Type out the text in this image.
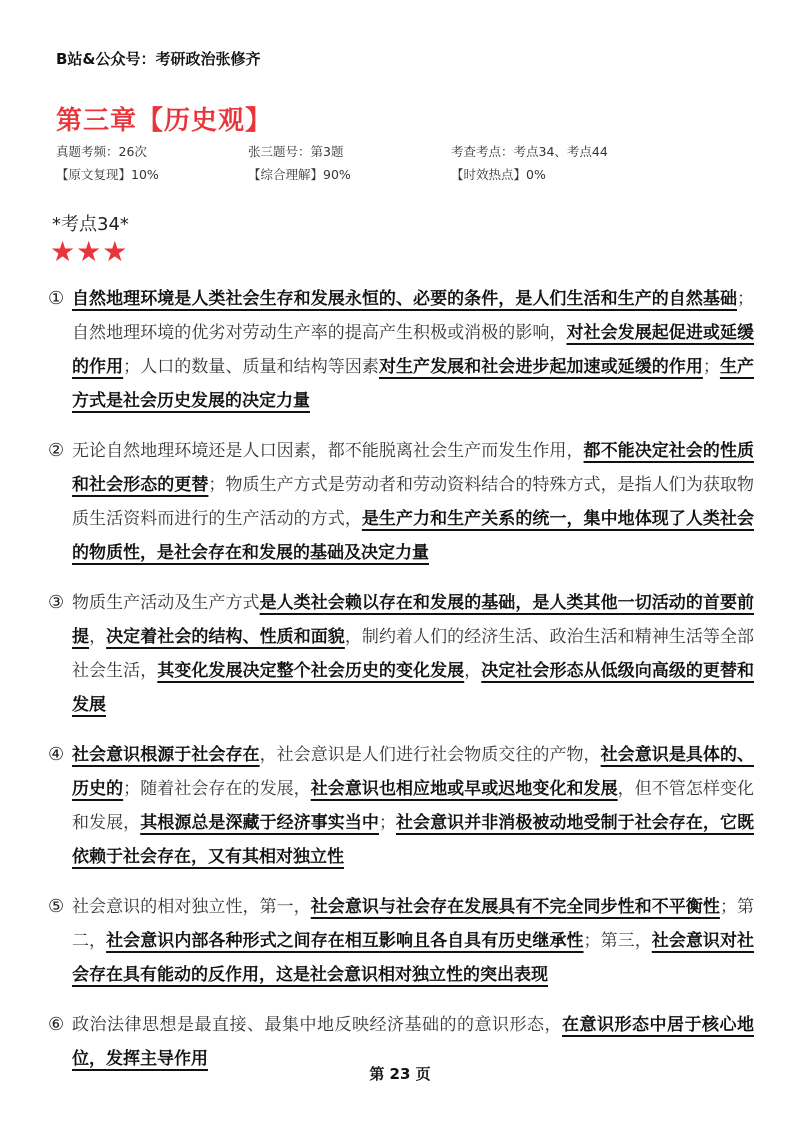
B站&公众号：考研政治张修齐
第三章【历史观】
真题考频：26次	张三题号：第3题	考查考点：考点34、考点44
【原文复现】10%	【综合理解】90%	【时效热点】0%
*考点34*
★★★
① 自然地理环境是人类社会生存和发展永恒的、必要的条件，是人们生活和生产的自然基础；自然地理环境的优劣对劳动生产率的提高产生积极或消极的影响，对社会发展起促进或延缓的作用；人口的数量、质量和结构等因素对生产发展和社会进步起加速或延缓的作用；生产方式是社会历史发展的决定力量
② 无论自然地理环境还是人口因素，都不能脱离社会生产而发生作用，都不能决定社会的性质和社会形态的更替；物质生产方式是劳动者和劳动资料结合的特殊方式，是指人们为获取物质生活资料而进行的生产活动的方式，是生产力和生产关系的统一，集中地体现了人类社会的物质性，是社会存在和发展的基础及决定力量
③ 物质生产活动及生产方式是人类社会赖以存在和发展的基础，是人类其他一切活动的首要前提，决定着社会的结构、性质和面貌，制约着人们的经济生活、政治生活和精神生活等全部社会生活，其变化发展决定整个社会历史的变化发展，决定社会形态从低级向高级的更替和发展
④ 社会意识根源于社会存在，社会意识是人们进行社会物质交往的产物，社会意识是具体的、历史的；随着社会存在的发展，社会意识也相应地或早或迟地变化和发展，但不管怎样变化和发展，其根源总是深藏于经济事实当中；社会意识并非消极被动地受制于社会存在，它既依赖于社会存在，又有其相对独立性
⑤ 社会意识的相对独立性，第一，社会意识与社会存在发展具有不完全同步性和不平衡性；第二，社会意识内部各种形式之间存在相互影响且各自具有历史继承性；第三，社会意识对社会存在具有能动的反作用，这是社会意识相对独立性的突出表现
⑥ 政治法律思想是最直接、最集中地反映经济基础的的意识形态，在意识形态中居于核心地位，发挥主导作用
第 23 页
